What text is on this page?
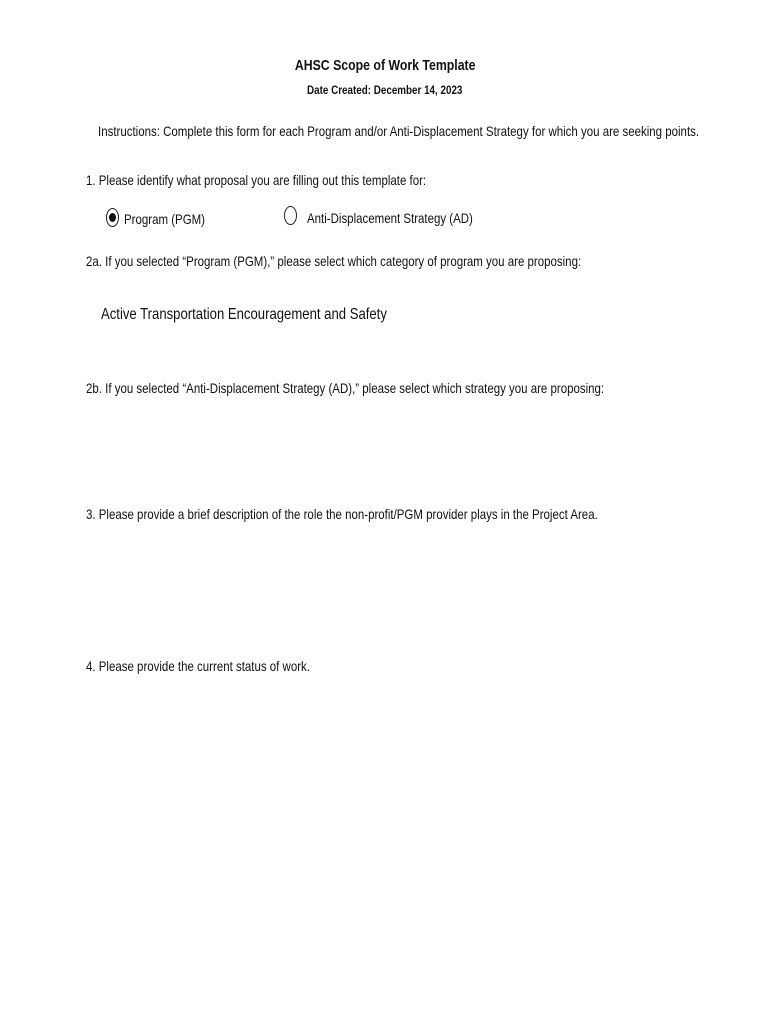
AHSC Scope of Work Template
Date Created: December 14, 2023
Instructions: Complete this form for each Program and/or Anti-Displacement Strategy for which you are seeking points.
1. Please identify what proposal you are filling out this template for:
Program (PGM)	Anti-Displacement Strategy (AD)
2a. If you selected “Program (PGM),” please select which category of program you are proposing:
Active Transportation Encouragement and Safety
2b. If you selected “Anti-Displacement Strategy (AD),” please select which strategy you are proposing:
3. Please provide a brief description of the role the non-profit/PGM provider plays in the Project Area.
4. Please provide the current status of work.
